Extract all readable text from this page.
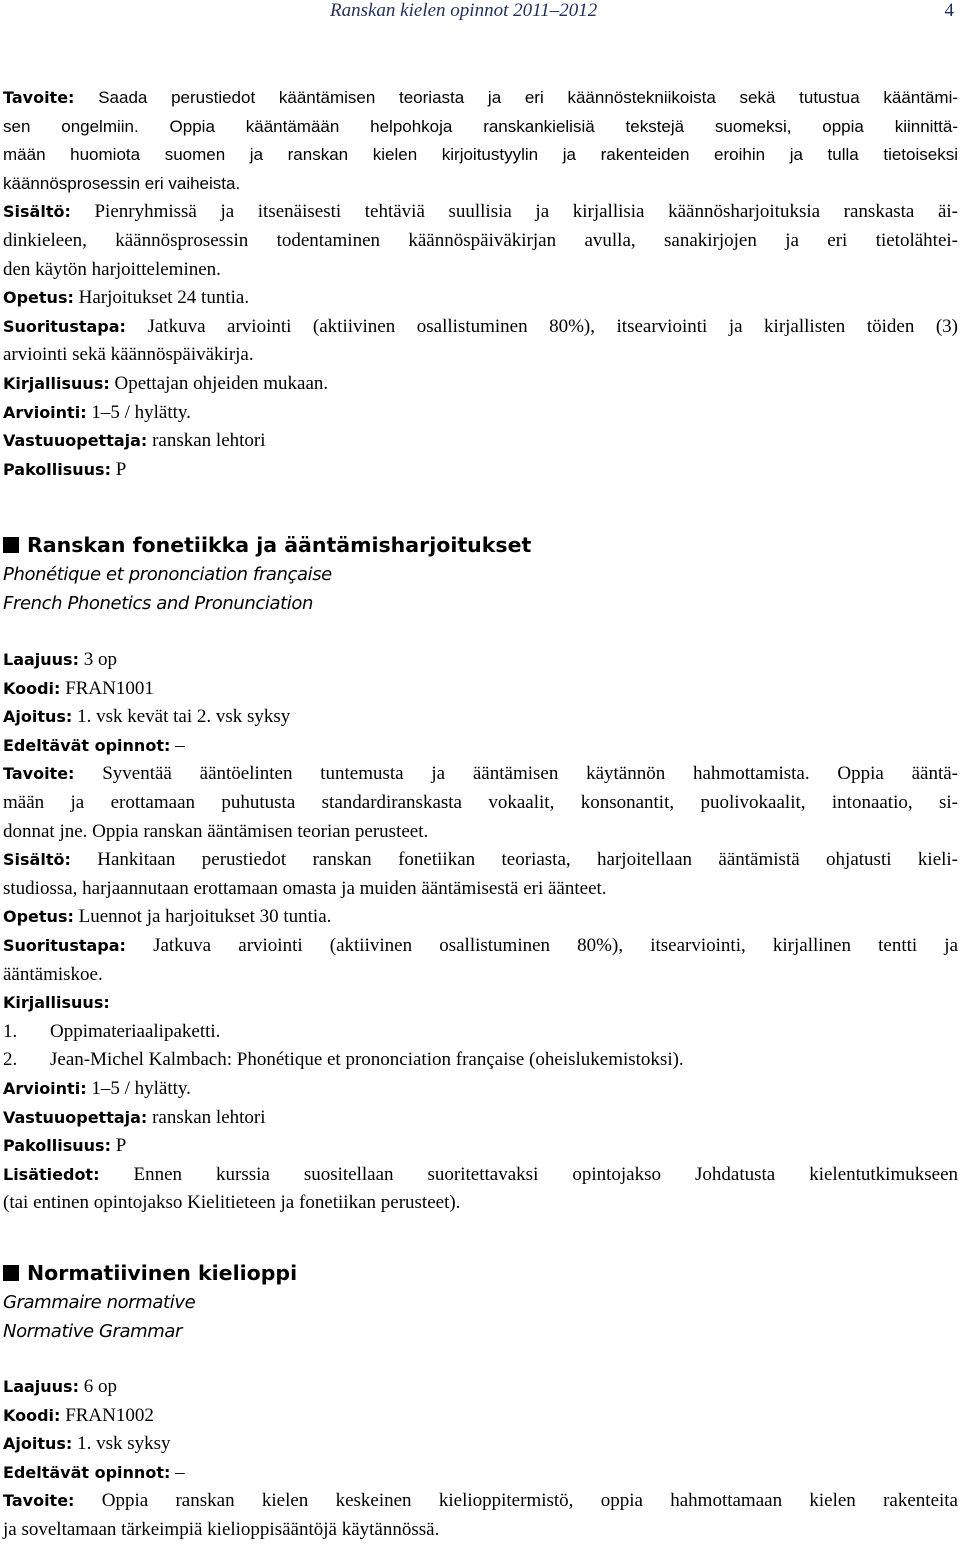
Ranskan kielen opinnot 2011–2012	4
Tavoite: Saada perustiedot kääntämisen teoriasta ja eri käännöstekniikoista sekä tutustua kääntämi-
sen ongelmiin. Oppia kääntämään helpohkoja ranskankielisiä tekstejä suomeksi, oppia kiinnittä-
mään huomiota suomen ja ranskan kielen kirjoitustyylin ja rakenteiden eroihin ja tulla tietoiseksi
käännösprosessin eri vaiheista.
Sisältö: Pienryhmissä ja itsenäisesti tehtäviä suullisia ja kirjallisia käännösharjoituksia ranskasta äi-
dinkieleen, käännösprosessin todentaminen käännöspäiväkirjan avulla, sanakirjojen ja eri tietolähtei-
den käytön harjoitteleminen.
Opetus: Harjoitukset 24 tuntia.
Suoritustapa: Jatkuva arviointi (aktiivinen osallistuminen 80%), itsearviointi ja kirjallisten töiden (3)
arviointi sekä käännöspäiväkirja.
Kirjallisuus: Opettajan ohjeiden mukaan.
Arviointi: 1–5 / hylätty.
Vastuuopettaja: ranskan lehtori
Pakollisuus: P
Ranskan fonetiikka ja ääntämisharjoitukset
Phonétique et prononciation française
French Phonetics and Pronunciation
Laajuus: 3 op
Koodi: FRAN1001
Ajoitus: 1. vsk kevät tai 2. vsk syksy
Edeltävät opinnot: –
Tavoite: Syventää ääntöelinten tuntemusta ja ääntämisen käytännön hahmottamista. Oppia ääntä-
mään ja erottamaan puhutusta standardiranskasta vokaalit, konsonantit, puolivokaalit, intonaatio, si-
donnat jne. Oppia ranskan ääntämisen teorian perusteet.
Sisältö: Hankitaan perustiedot ranskan fonetiikan teoriasta, harjoitellaan ääntämistä ohjatusti kieli-
studiossa, harjaannutaan erottamaan omasta ja muiden ääntämisestä eri äänteet.
Opetus: Luennot ja harjoitukset 30 tuntia.
Suoritustapa: Jatkuva arviointi (aktiivinen osallistuminen 80%), itsearviointi, kirjallinen tentti ja
ääntämiskoe.
Kirjallisuus:
1. Oppimateriaalipaketti.
2. Jean-Michel Kalmbach: Phonétique et prononciation française (oheislukemistoksi).
Arviointi: 1–5 / hylätty.
Vastuuopettaja: ranskan lehtori
Pakollisuus: P
Lisätiedot: Ennen kurssia suositellaan suoritettavaksi opintojakso Johdatusta kielentutkimukseen
(tai entinen opintojakso Kielitieteen ja fonetiikan perusteet).
Normatiivinen kielioppi
Grammaire normative
Normative Grammar
Laajuus: 6 op
Koodi: FRAN1002
Ajoitus: 1. vsk syksy
Edeltävät opinnot: –
Tavoite: Oppia ranskan kielen keskeinen kielioppitermistö, oppia hahmottamaan kielen rakenteita
ja soveltamaan tärkeimpiä kielioppisääntöjä käytännössä.
